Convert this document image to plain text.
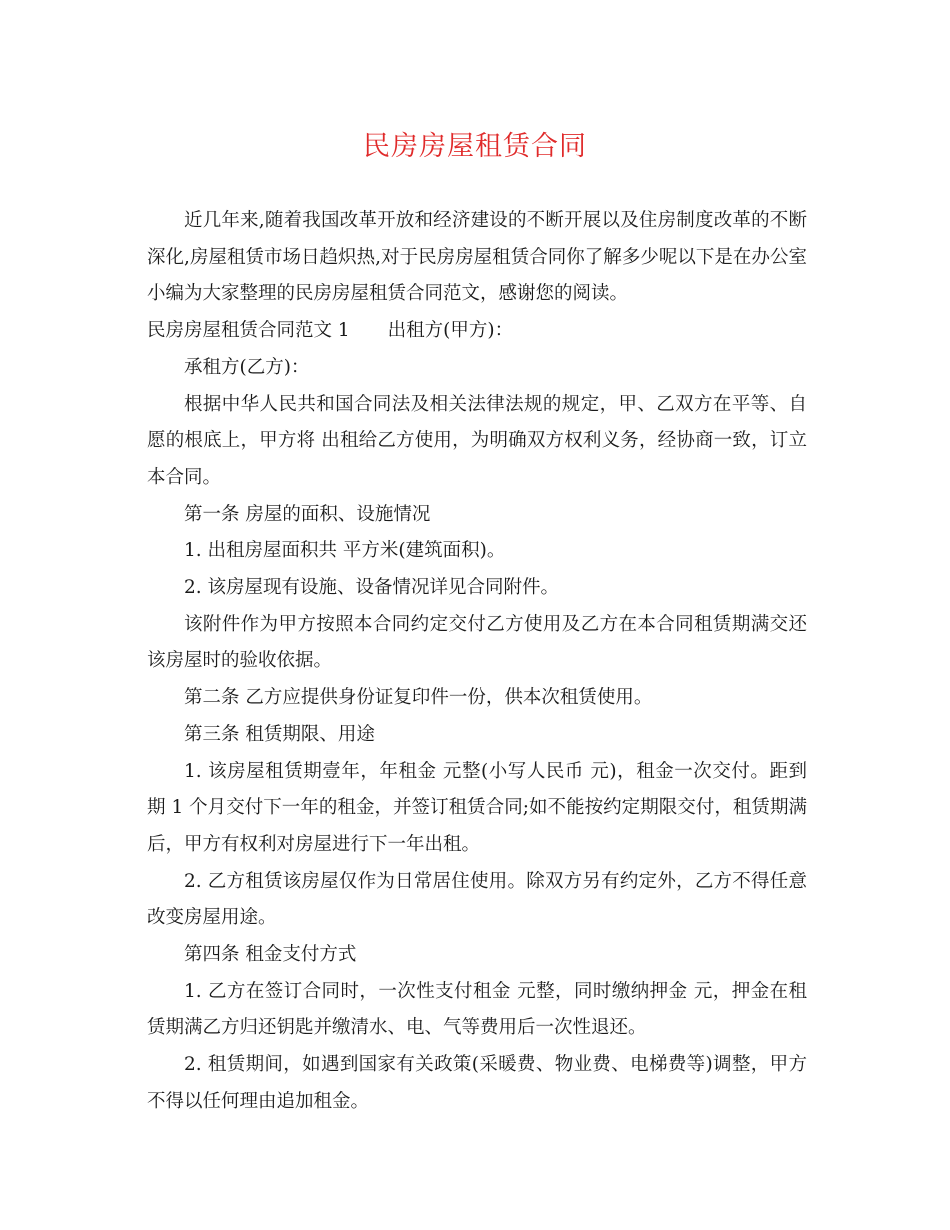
民房房屋租赁合同

近几年来,随着我国改革开放和经济建设的不断开展以及住房制度改革的不断深化,房屋租赁市场日趋炽热,对于民房房屋租赁合同你了解多少呢以下是在办公室小编为大家整理的民房房屋租赁合同范文，感谢您的阅读。

民房房屋租赁合同范文 1 出租方(甲方)：

承租方(乙方)：

根据中华人民共和国合同法及相关法律法规的规定，甲、乙双方在平等、自愿的根底上，甲方将 出租给乙方使用，为明确双方权利义务，经协商一致，订立本合同。

第一条 房屋的面积、设施情况

1. 出租房屋面积共 平方米(建筑面积)。

2. 该房屋现有设施、设备情况详见合同附件。

该附件作为甲方按照本合同约定交付乙方使用及乙方在本合同租赁期满交还该房屋时的验收依据。

第二条 乙方应提供身份证复印件一份，供本次租赁使用。

第三条 租赁期限、用途

1. 该房屋租赁期壹年，年租金 元整(小写人民币 元)，租金一次交付。距到期 1 个月交付下一年的租金，并签订租赁合同;如不能按约定期限交付，租赁期满后，甲方有权利对房屋进行下一年出租。

2. 乙方租赁该房屋仅作为日常居住使用。除双方另有约定外，乙方不得任意改变房屋用途。

第四条 租金支付方式

1. 乙方在签订合同时，一次性支付租金 元整，同时缴纳押金 元，押金在租赁期满乙方归还钥匙并缴清水、电、气等费用后一次性退还。

2. 租赁期间，如遇到国家有关政策(采暖费、物业费、电梯费等)调整，甲方不得以任何理由追加租金。
